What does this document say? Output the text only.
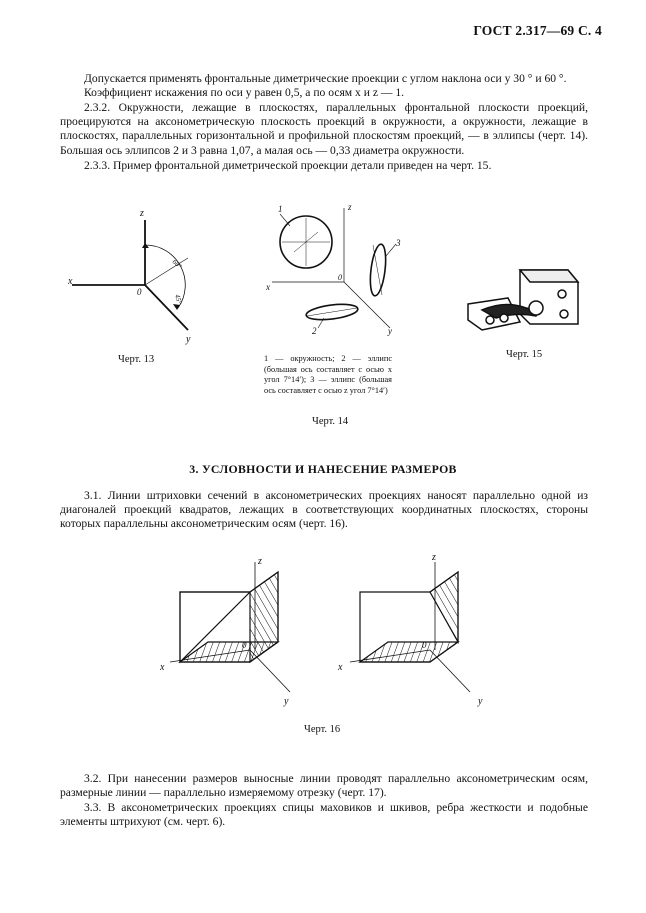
ГОСТ 2.317—69 С. 4
Допускается применять фронтальные диметрические проекции с углом наклона оси y 30 ° и 60 °.
Коэффициент искажения по оси y равен 0,5, а по осям x и z — 1.
2.3.2. Окружности, лежащие в плоскостях, параллельных фронтальной плоскости проекций, проецируются на аксонометрическую плоскость проекций в окружности, а окружности, лежащие в плоскостях, параллельных горизонтальной и профильной плоскостям проекций, — в эллипсы (черт. 14). Большая ось эллипсов 2 и 3 равна 1,07, а малая ось — 0,33 диаметра окружности.
2.3.3. Пример фронтальной диметрической проекции детали приведен на черт. 15.
z
x
y
0
60°
45°
Черт. 13
z
x
y
0
1
3
2
1 — окружность; 2 — эллипс (большая ось составляет с осью x угол 7°14′); 3 — эллипс (большая ось составляет с осью z угол 7°14′)
Черт. 14
Черт. 15
3. УСЛОВНОСТИ И НАНЕСЕНИЕ РАЗМЕРОВ
3.1. Линии штриховки сечений в аксонометрических проекциях наносят параллельно одной из диагоналей проекций квадратов, лежащих в соответствующих координатных плоскостях, стороны которых параллельны аксонометрическим осям (черт. 16).
z
x
y
0
z
x
y
0
Черт. 16
3.2. При нанесении размеров выносные линии проводят параллельно аксонометрическим осям, размерные линии — параллельно измеряемому отрезку (черт. 17).
3.3. В аксонометрических проекциях спицы маховиков и шкивов, ребра жесткости и подобные элементы штрихуют (см. черт. 6).
